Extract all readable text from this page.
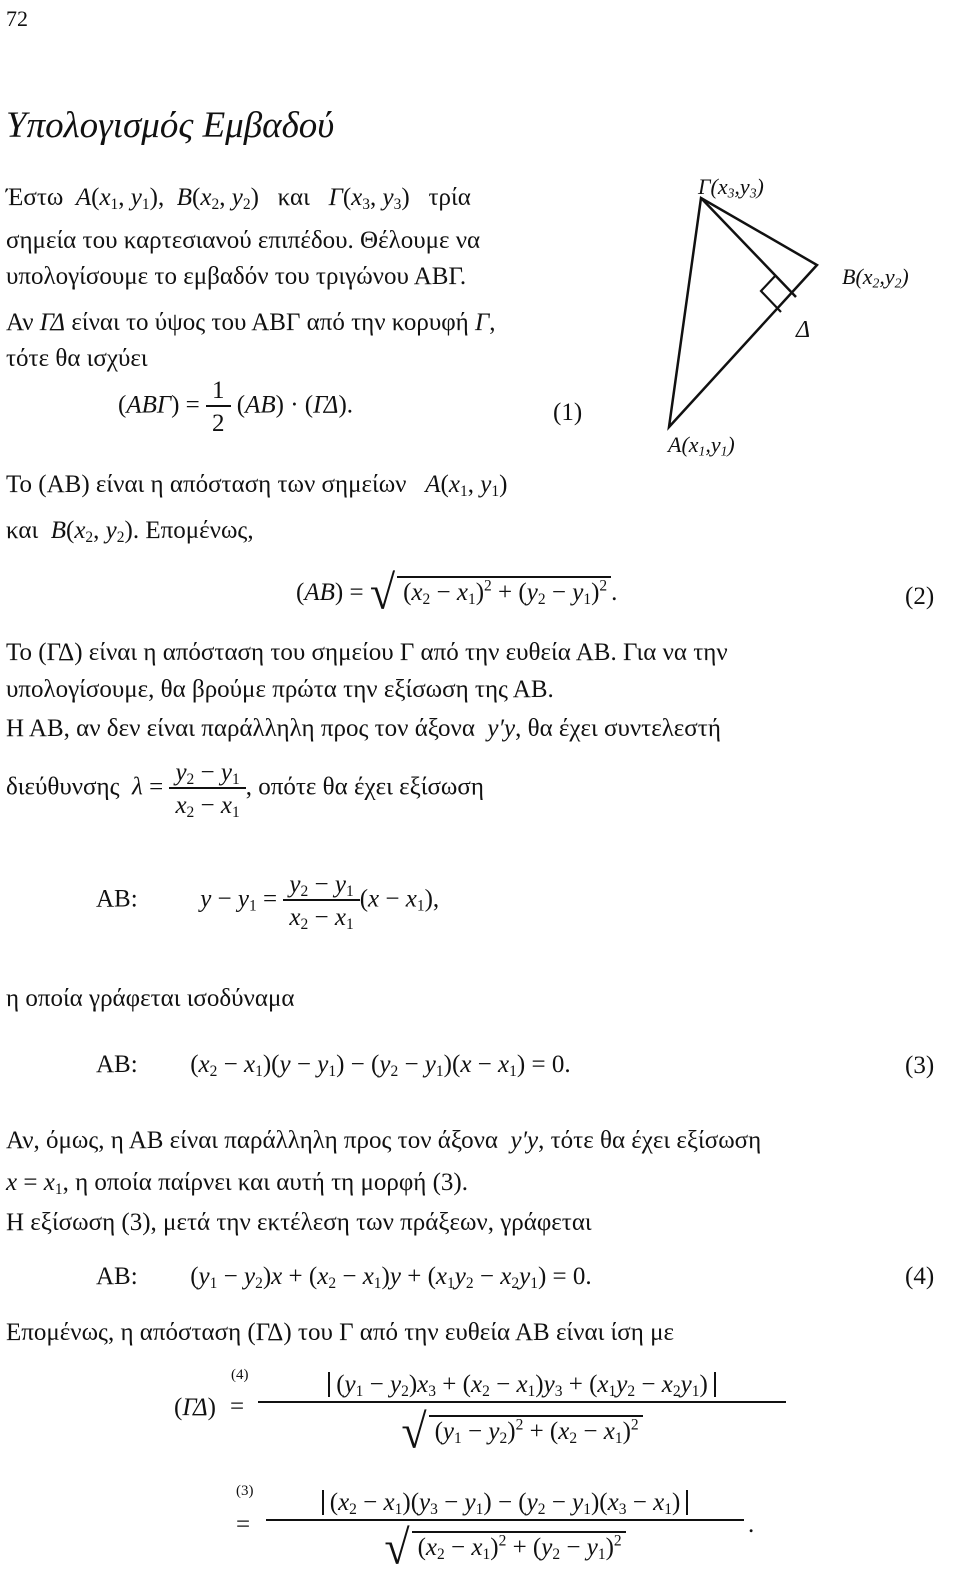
72
Υπολογισμός Εμβαδού
$\Gamma(x_3,y_3)$
$B(x_2,y_2)$
$A(x_1,y_1)$
Δ
Έστω $A(x_1$, $y_1$),  $B(x_2$, $y_2$)   και $\Gamma(x_3$, $y_3$)   τρία
σημεία του καρτεσιανού επιπέδου. Θέλουμε να
υπολογίσουμε το εμβαδόν του τριγώνου ΑΒΓ.
Αν ΓΔ είναι το ύψος του ΑΒΓ από την κορυφή Γ,
τότε θα ισχύει
$(AB\Gamma) = \frac{1}{2} (AB) \cdot (\Gamma\Delta)$.	(1)
Το (ΑΒ) είναι η απόσταση των σημείων $A(x_1$, $y_1$)
και $B(x_2$, $y_2$). Επομένως,
(AB) = √ $(x_2 - x_1)^2 + (y_2 - y_1)^2$ .	(2)
Το (ΓΔ) είναι η απόσταση του σημείου Γ από την ευθεία ΑΒ. Για να την
υπολογίσουμε, θα βρούμε πρώτα την εξίσωση της ΑΒ.
Η ΑΒ, αν δεν είναι παράλληλη προς τον άξονα y′y, θα έχει συντελεστή
διεύθυνσης $\lambda = \frac{y_2 - y_1}{x_2 - x_1}$ , οπότε θα έχει εξίσωση
ΑΒ:	$y - y_1 = \frac{y_2 - y_1}{x_2 - x_1} (x - x_1)$,
η οποία γράφεται ισοδύναμα
ΑΒ:  $(x_2 - x_1)(y - y_1) - (y_2 - y_1)(x - x_1) = 0$.	(3)
Αν, όμως, η ΑΒ είναι παράλληλη προς τον άξονα y′y, τότε θα έχει εξίσωση
$x = x_1$, η οποία παίρνει και αυτή τη μορφή (3).
Η εξίσωση (3), μετά την εκτέλεση των πράξεων, γράφεται
ΑΒ:  $(y_1 - y_2)x + (x_2 - x_1)y + (x_1y_2 - x_2y_1) = 0$.	(4)
Επομένως, η απόσταση (ΓΔ) του Γ από την ευθεία ΑΒ είναι ίση με
(ΓΔ)
(4)
=
$(y_1 - y_2)x_3 + (x_2 - x_1)y_3 + (x_1y_2 - x_2y_1)$
√ $(y_1 - y_2)^2 + (x_2 - x_1)^2$
(3)
=
$(x_2 - x_1)(y_3 - y_1) - (y_2 - y_1)(x_3 - x_1)$
√ $(x_2 - x_1)^2 + (y_2 - y_1)^2$
.
